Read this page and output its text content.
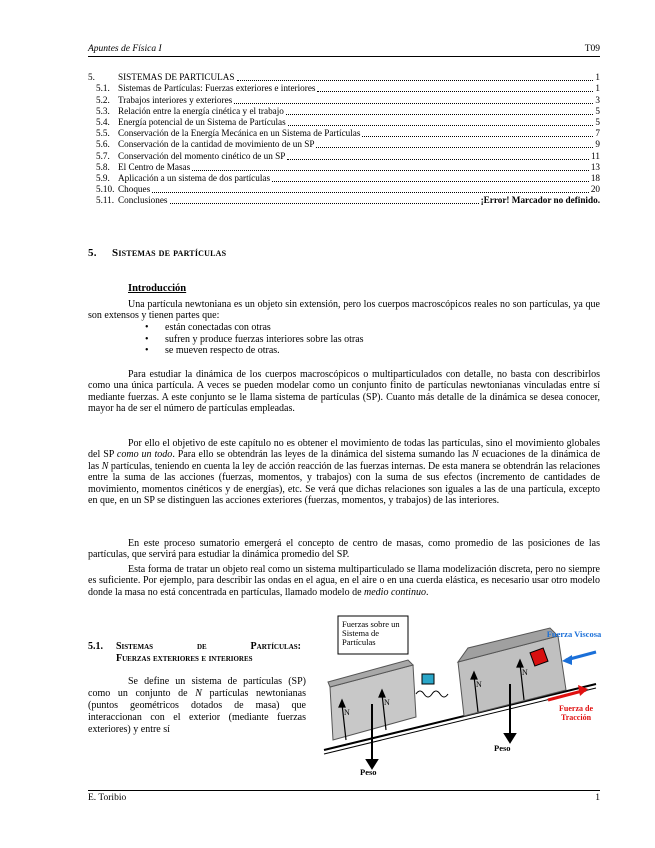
Apuntes de Física I	T09
5.	SISTEMAS DE PARTICULAS	1
5.1. Sistemas de Partículas: Fuerzas exteriores e interiores	1
5.2. Trabajos interiores y exteriores	3
5.3. Relación entre la energía cinética y el trabajo	5
5.4. Energía potencial de un Sistema de Partículas	5
5.5. Conservación de la Energía Mecánica en un Sistema de Partículas	7
5.6. Conservación de la cantidad de movimiento de un SP	9
5.7. Conservación del momento cinético de un SP	11
5.8. El Centro de Masas	13
5.9. Aplicación a un sistema de dos partículas	18
5.10. Choques	20
5.11. Conclusiones	¡Error! Marcador no definido.
5. Sistemas de partículas
Introducción

Una partícula newtoniana es un objeto sin extensión, pero los cuerpos macroscópicos reales no son partículas, ya que son extensos y tienen partes que:

• están conectadas con otras
• sufren y produce fuerzas interiores sobre las otras
• se mueven respecto de otras.

Para estudiar la dinámica de los cuerpos macroscópicos o multiparticulados con detalle, no basta con describirlos como una única partícula. A veces se pueden modelar como un conjunto finito de partículas newtonianas vinculadas entre sí mediante fuerzas. A este conjunto se le llama sistema de partículas (SP). Cuanto más detalle de la dinámica se desea conocer, mayor ha de ser el número de partículas empleadas.

Por ello el objetivo de este capítulo no es obtener el movimiento de todas las partículas, sino el movimiento globales del SP como un todo. Para ello se obtendrán las leyes de la dinámica del sistema sumando las N ecuaciones de la dinámica de las N partículas, teniendo en cuenta la ley de acción reacción de las fuerzas internas. De esta manera se obtendrán las relaciones entre la suma de las acciones (fuerzas, momentos, y trabajos) con la suma de sus efectos (incremento de cantidades de movimiento, momentos cinéticos y de energías), etc. Se verá que dichas relaciones son iguales a las de una partícula, excepto en que, en un SP se distinguen las acciones exteriores (fuerzas, momentos, y trabajos) de las interiores.

En este proceso sumatorio emergerá el concepto de centro de masas, como promedio de las posiciones de las partículas, que servirá para estudiar la dinámica promedio del SP.

Esta forma de tratar un objeto real como un sistema multiparticulado se llama modelización discreta, pero no siempre es suficiente. Por ejemplo, para describir las ondas en el agua, en el aire o en una cuerda elástica, es necesario usar otro modelo donde la masa no está concentrada en partículas, llamado modelo de medio continuo.

5.1. Sistemas de Partículas:
Fuerzas exteriores e interiores

Se define un sistema de partículas (SP) como un conjunto de N partículas newtonianas (puntos geométricos dotados de masa) que interaccionan con el exterior (mediante fuerzas exteriores) y entre sí

Fuerzas sobre un Sistema de Partículas
Fuerza Viscosa
Fuerza de Tracción
Peso
Peso
N
N
N
N
E. Toribio	1
